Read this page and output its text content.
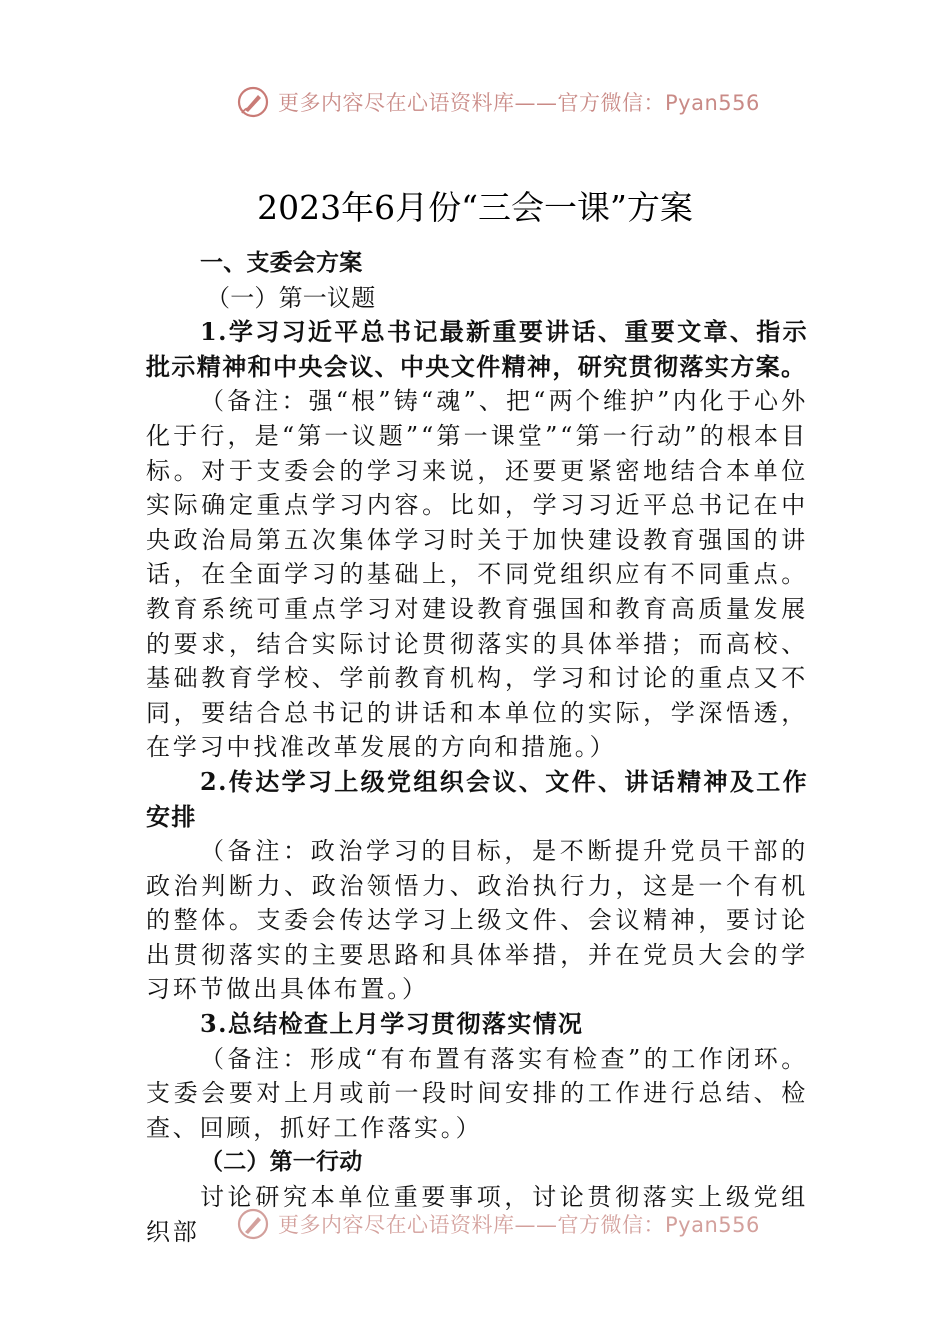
更多内容尽在心语资料库——官方微信：Pyan556
2023年6月份“三会一课”方案
一、支委会方案
（一）第一议题
1.学习习近平总书记最新重要讲话、重要文章、指示批示精神和中央会议、中央文件精神，研究贯彻落实方案。
（备注：强“根”铸“魂”、把“两个维护”内化于心外化于行，是“第一议题”“第一课堂”“第一行动”的根本目标。对于支委会的学习来说，还要更紧密地结合本单位实际确定重点学习内容。比如，学习习近平总书记在中央政治局第五次集体学习时关于加快建设教育强国的讲话，在全面学习的基础上，不同党组织应有不同重点。教育系统可重点学习对建设教育强国和教育高质量发展的要求，结合实际讨论贯彻落实的具体举措；而高校、基础教育学校、学前教育机构，学习和讨论的重点又不同，要结合总书记的讲话和本单位的实际，学深悟透，在学习中找准改革发展的方向和措施。）
2.传达学习上级党组织会议、文件、讲话精神及工作安排
（备注：政治学习的目标，是不断提升党员干部的政治判断力、政治领悟力、政治执行力，这是一个有机的整体。支委会传达学习上级文件、会议精神，要讨论出贯彻落实的主要思路和具体举措，并在党员大会的学习环节做出具体布置。）
3.总结检查上月学习贯彻落实情况
（备注：形成“有布置有落实有检查”的工作闭环。支委会要对上月或前一段时间安排的工作进行总结、检查、回顾，抓好工作落实。）
（二）第一行动
讨论研究本单位重要事项，讨论贯彻落实上级党组织部	更多内容尽在心语资料库——官方微信：Pyan556
